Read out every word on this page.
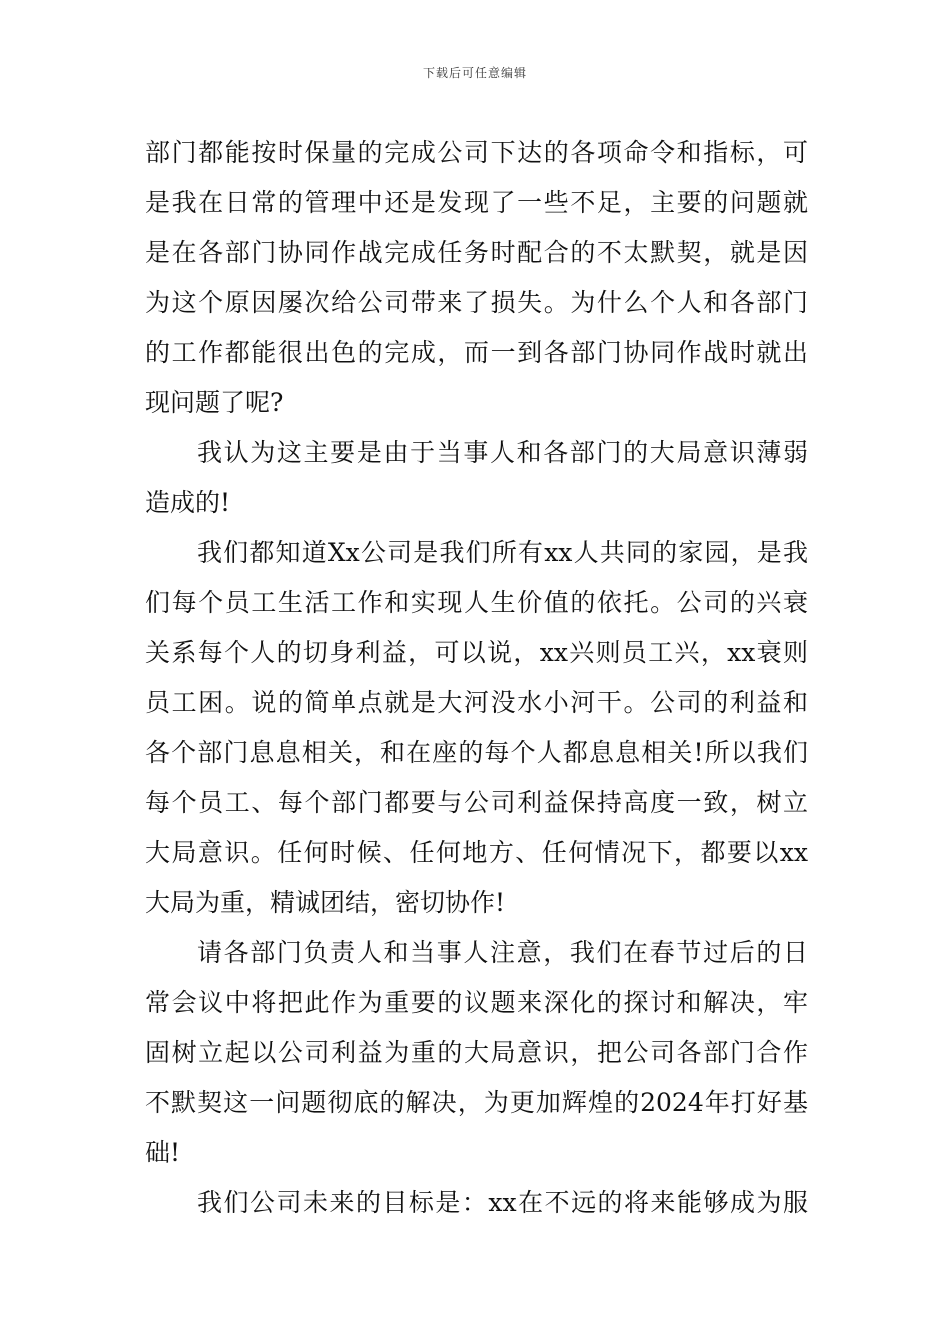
下载后可任意编辑
部门都能按时保量的完成公司下达的各项命令和指标，可
是我在日常的管理中还是发现了一些不足，主要的问题就
是在各部门协同作战完成任务时配合的不太默契，就是因
为这个原因屡次给公司带来了损失。为什么个人和各部门
的工作都能很出色的完成，而一到各部门协同作战时就出
现问题了呢?
我认为这主要是由于当事人和各部门的大局意识薄弱
造成的!
我们都知道Xx公司是我们所有xx人共同的家园，是我
们每个员工生活工作和实现人生价值的依托。公司的兴衰
关系每个人的切身利益，可以说，xx兴则员工兴，xx衰则
员工困。说的简单点就是大河没水小河干。公司的利益和
各个部门息息相关，和在座的每个人都息息相关!所以我们
每个员工、每个部门都要与公司利益保持高度一致，树立
大局意识。任何时候、任何地方、任何情况下，都要以xx
大局为重，精诚团结，密切协作!
请各部门负责人和当事人注意，我们在春节过后的日
常会议中将把此作为重要的议题来深化的探讨和解决，牢
固树立起以公司利益为重的大局意识，把公司各部门合作
不默契这一问题彻底的解决，为更加辉煌的2024年打好基
础!
我们公司未来的目标是：xx在不远的将来能够成为服
